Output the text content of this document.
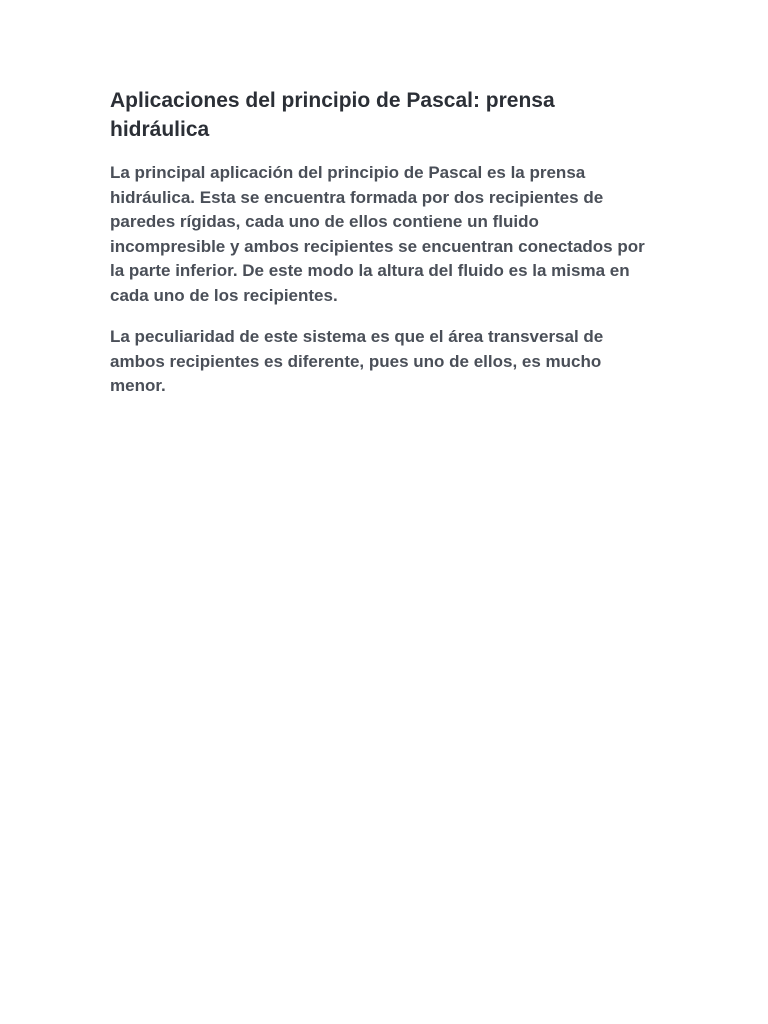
Aplicaciones del principio de Pascal: prensa hidráulica

La principal aplicación del principio de Pascal es la prensa hidráulica. Esta se encuentra formada por dos recipientes de paredes rígidas, cada uno de ellos contiene un fluido incompresible y ambos recipientes se encuentran conectados por la parte inferior. De este modo la altura del fluido es la misma en cada uno de los recipientes.

La peculiaridad de este sistema es que el área transversal de ambos recipientes es diferente, pues uno de ellos, es mucho menor.
